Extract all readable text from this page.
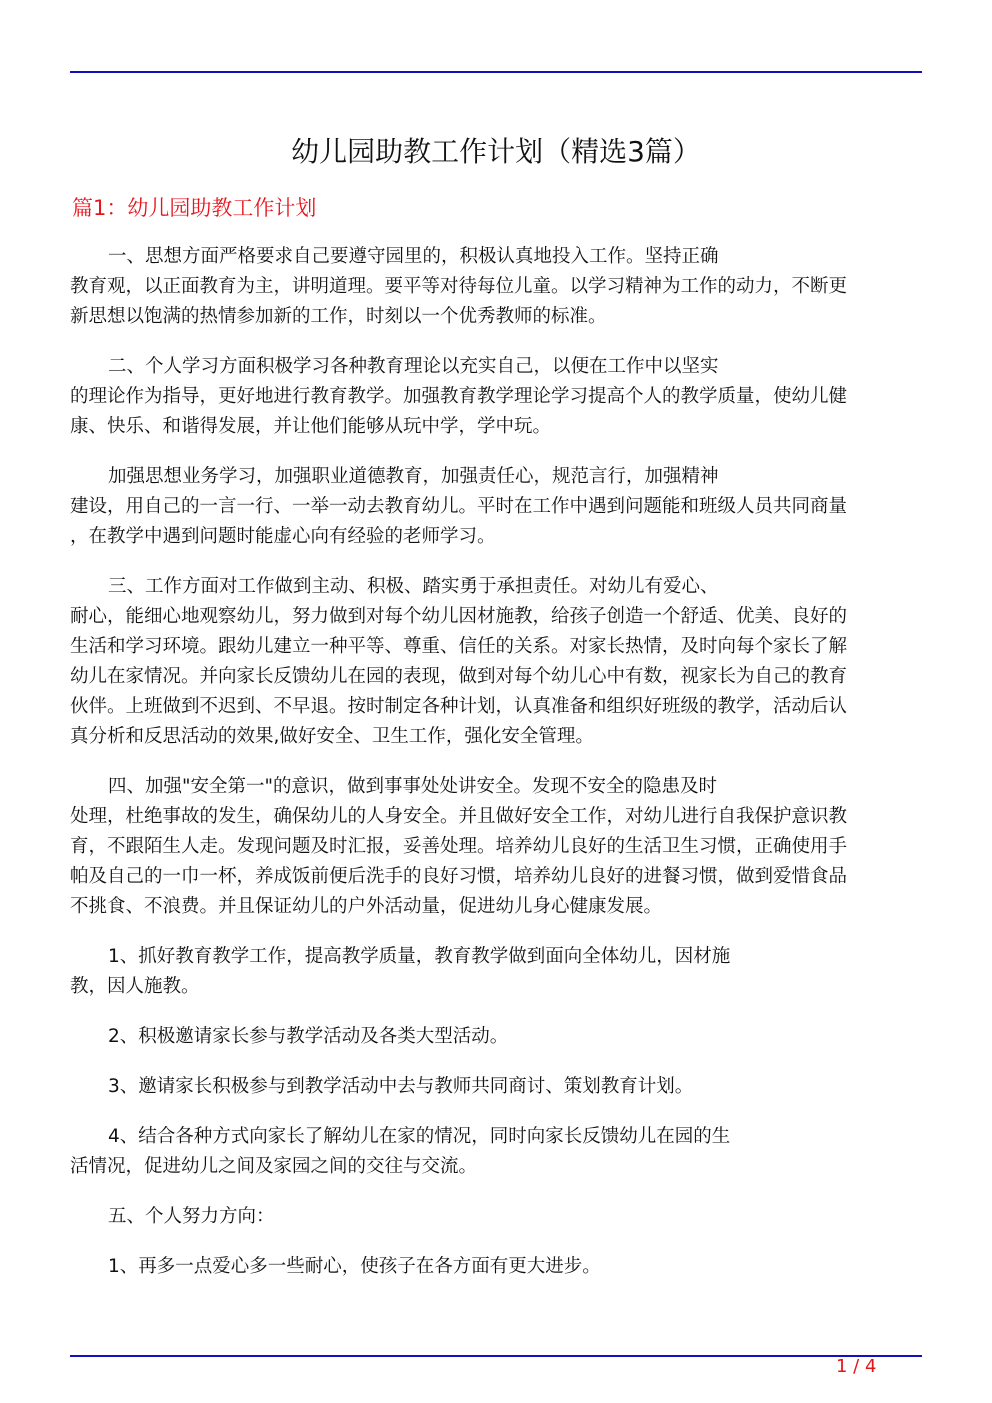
幼儿园助教工作计划（精选3篇）
篇1：幼儿园助教工作计划
一、思想方面严格要求自己要遵守园里的，积极认真地投入工作。坚持正确
教育观，以正面教育为主，讲明道理。要平等对待每位儿童。以学习精神为工作的动力，不断更
新思想以饱满的热情参加新的工作，时刻以一个优秀教师的标准。
二、个人学习方面积极学习各种教育理论以充实自己，以便在工作中以坚实
的理论作为指导，更好地进行教育教学。加强教育教学理论学习提高个人的教学质量，使幼儿健
康、快乐、和谐得发展，并让他们能够从玩中学，学中玩。
加强思想业务学习，加强职业道德教育，加强责任心，规范言行，加强精神
建设，用自己的一言一行、一举一动去教育幼儿。平时在工作中遇到问题能和班级人员共同商量
，在教学中遇到问题时能虚心向有经验的老师学习。
三、工作方面对工作做到主动、积极、踏实勇于承担责任。对幼儿有爱心、
耐心，能细心地观察幼儿，努力做到对每个幼儿因材施教，给孩子创造一个舒适、优美、良好的
生活和学习环境。跟幼儿建立一种平等、尊重、信任的关系。对家长热情，及时向每个家长了解
幼儿在家情况。并向家长反馈幼儿在园的表现，做到对每个幼儿心中有数，视家长为自己的教育
伙伴。上班做到不迟到、不早退。按时制定各种计划，认真准备和组织好班级的教学，活动后认
真分析和反思活动的效果,做好安全、卫生工作，强化安全管理。
四、加强"安全第一"的意识，做到事事处处讲安全。发现不安全的隐患及时
处理，杜绝事故的发生，确保幼儿的人身安全。并且做好安全工作，对幼儿进行自我保护意识教
育，不跟陌生人走。发现问题及时汇报，妥善处理。培养幼儿良好的生活卫生习惯，正确使用手
帕及自己的一巾一杯，养成饭前便后洗手的良好习惯，培养幼儿良好的进餐习惯，做到爱惜食品
不挑食、不浪费。并且保证幼儿的户外活动量，促进幼儿身心健康发展。
1、抓好教育教学工作，提高教学质量，教育教学做到面向全体幼儿，因材施
教，因人施教。
2、积极邀请家长参与教学活动及各类大型活动。
3、邀请家长积极参与到教学活动中去与教师共同商讨、策划教育计划。
4、结合各种方式向家长了解幼儿在家的情况，同时向家长反馈幼儿在园的生
活情况，促进幼儿之间及家园之间的交往与交流。
五、个人努力方向：
1、再多一点爱心多一些耐心，使孩子在各方面有更大进步。
1 / 4
